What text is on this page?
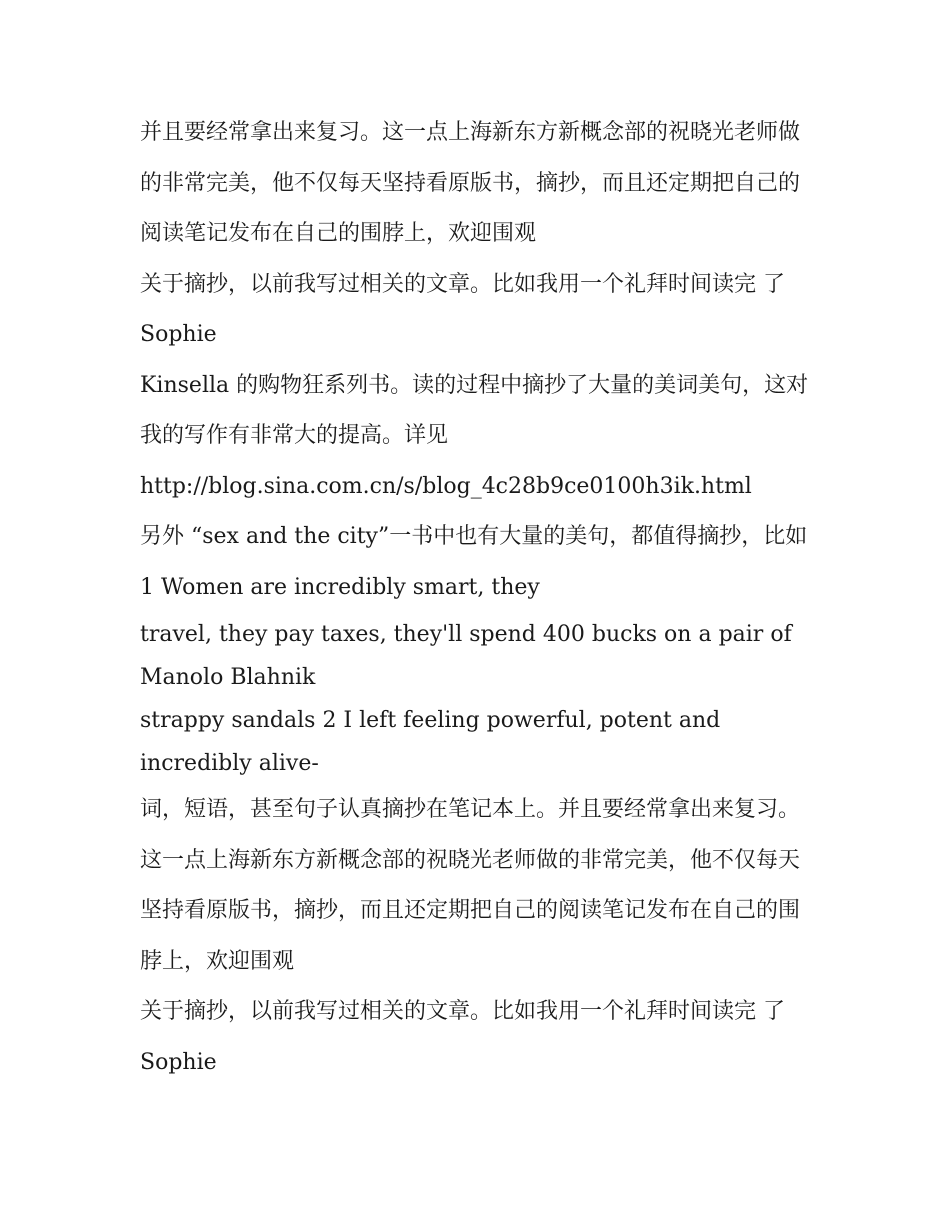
并且要经常拿出来复习。这一点上海新东方新概念部的祝晓光老师做的非常完美，他不仅每天坚持看原版书，摘抄，而且还定期把自己的阅读笔记发布在自己的围脖上，欢迎围观

关于摘抄，以前我写过相关的文章。比如我用一个礼拜时间读完 了 Sophie

Kinsella 的购物狂系列书。读的过程中摘抄了大量的美词美句，这对我的写作有非常大的提高。详见 http://blog.sina.com.cn/s/blog_4c28b9ce0100h3ik.html

另外 “sex and the city”一书中也有大量的美句，都值得摘抄，比如 1 Women are incredibly smart, they

travel, they pay taxes, they'll spend 400 bucks on a pair of Manolo Blahnik

strappy sandals 2 I left feeling powerful, potent and incredibly alive-

词，短语，甚至句子认真摘抄在笔记本上。并且要经常拿出来复习。这一点上海新东方新概念部的祝晓光老师做的非常完美，他不仅每天坚持看原版书，摘抄，而且还定期把自己的阅读笔记发布在自己的围脖上，欢迎围观

关于摘抄，以前我写过相关的文章。比如我用一个礼拜时间读完 了 Sophie
